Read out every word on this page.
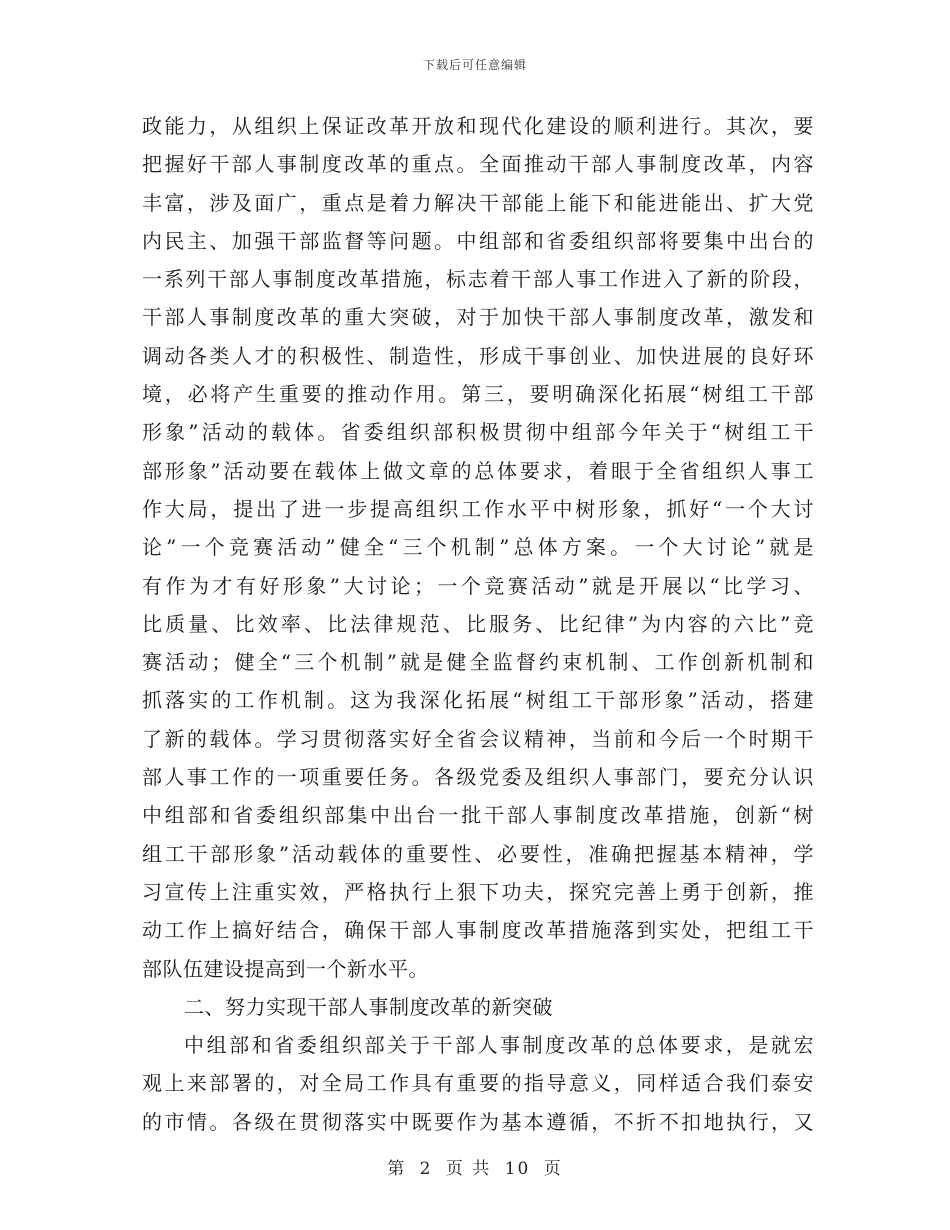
下载后可任意编辑
政能力，从组织上保证改革开放和现代化建设的顺利进行。其次，要
把握好干部人事制度改革的重点。全面推动干部人事制度改革，内容
丰富，涉及面广，重点是着力解决干部能上能下和能进能出、扩大党
内民主、加强干部监督等问题。中组部和省委组织部将要集中出台的
一系列干部人事制度改革措施，标志着干部人事工作进入了新的阶段，
干部人事制度改革的重大突破，对于加快干部人事制度改革，激发和
调动各类人才的积极性、制造性，形成干事创业、加快进展的良好环
境，必将产生重要的推动作用。第三，要明确深化拓展“树组工干部
形象”活动的载体。省委组织部积极贯彻中组部今年关于“树组工干
部形象”活动要在载体上做文章的总体要求，着眼于全省组织人事工
作大局，提出了进一步提高组织工作水平中树形象，抓好“一个大讨
论”一个竞赛活动”健全“三个机制”总体方案。一个大讨论”就是
有作为才有好形象”大讨论；一个竞赛活动”就是开展以“比学习、
比质量、比效率、比法律规范、比服务、比纪律”为内容的六比”竞
赛活动；健全“三个机制”就是健全监督约束机制、工作创新机制和
抓落实的工作机制。这为我深化拓展“树组工干部形象”活动，搭建
了新的载体。学习贯彻落实好全省会议精神，当前和今后一个时期干
部人事工作的一项重要任务。各级党委及组织人事部门，要充分认识
中组部和省委组织部集中出台一批干部人事制度改革措施，创新“树
组工干部形象”活动载体的重要性、必要性，准确把握基本精神，学
习宣传上注重实效，严格执行上狠下功夫，探究完善上勇于创新，推
动工作上搞好结合，确保干部人事制度改革措施落到实处，把组工干
部队伍建设提高到一个新水平。
二、努力实现干部人事制度改革的新突破
中组部和省委组织部关于干部人事制度改革的总体要求，是就宏
观上来部署的，对全局工作具有重要的指导意义，同样适合我们泰安
的市情。各级在贯彻落实中既要作为基本遵循，不折不扣地执行，又
第 2 页 共 10 页
